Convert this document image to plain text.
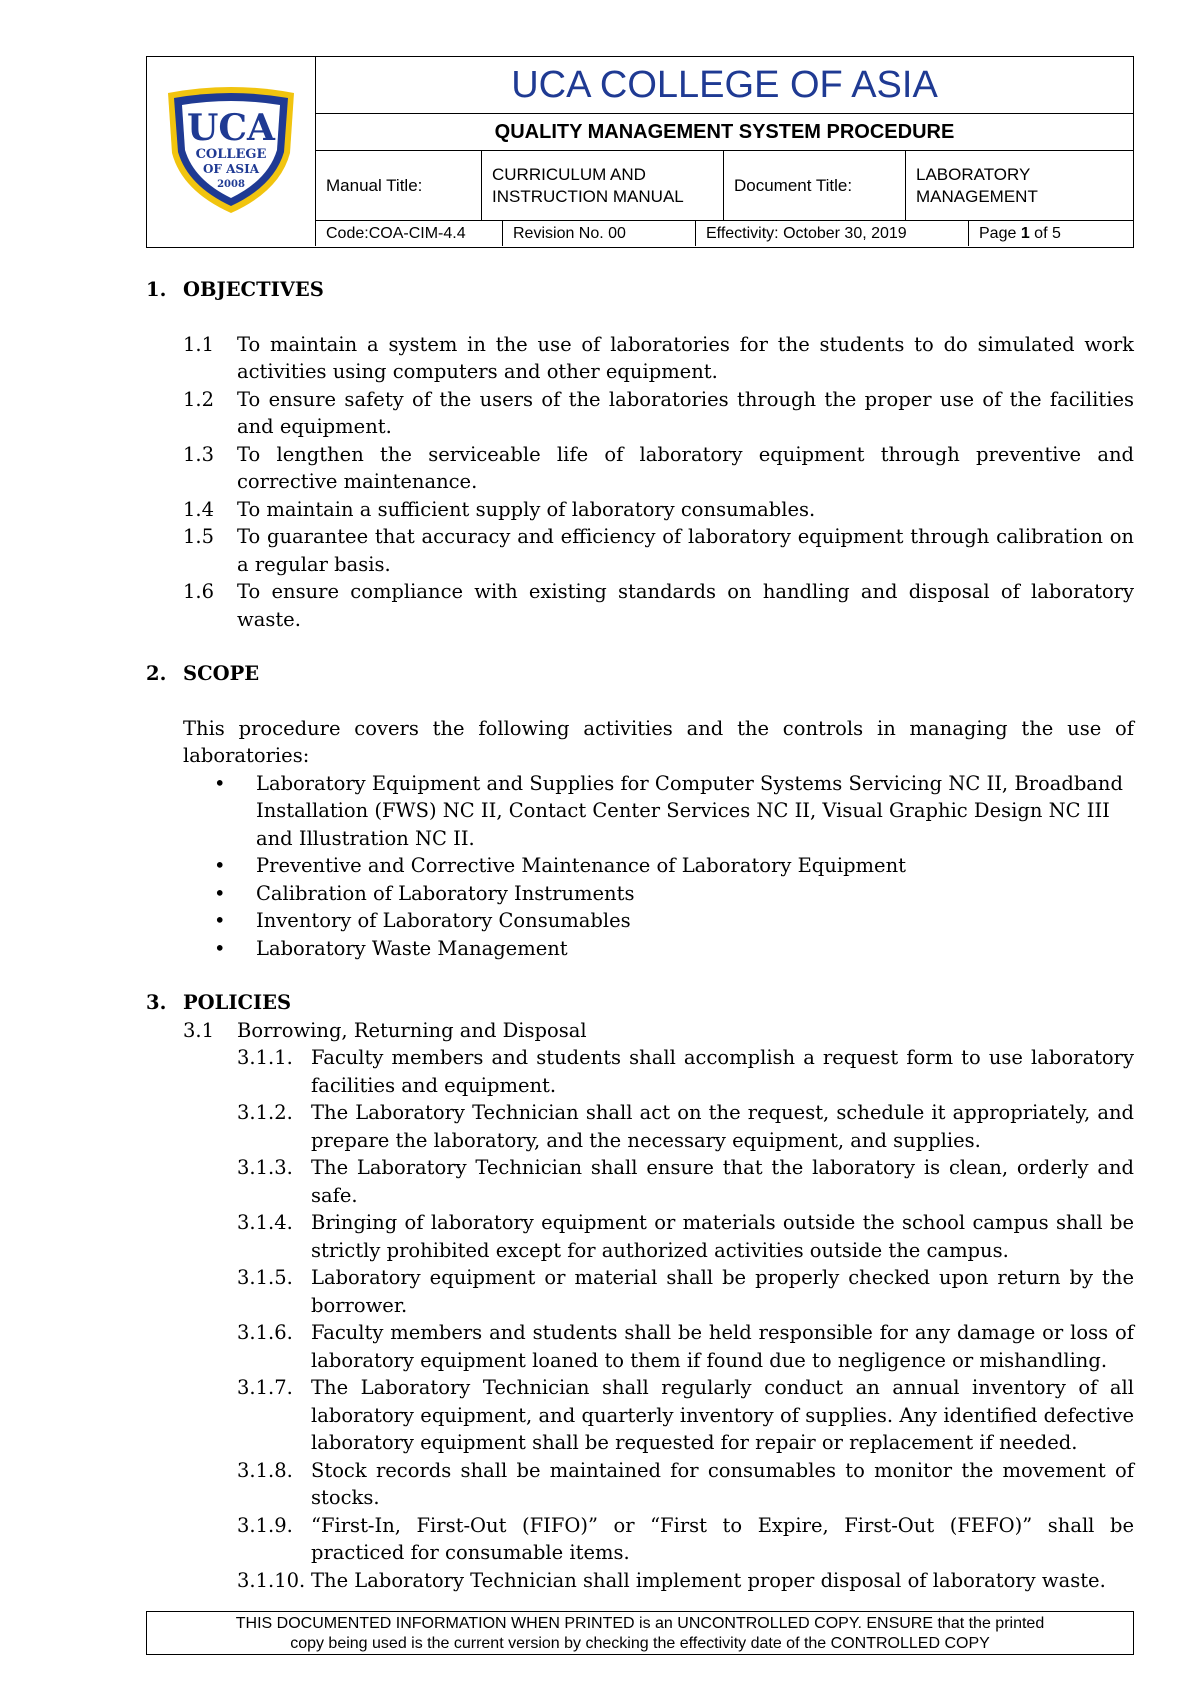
UCA
COLLEGE
OF ASIA
2008
UCA COLLEGE OF ASIA
QUALITY MANAGEMENT SYSTEM PROCEDURE
Manual Title:
CURRICULUM AND INSTRUCTION MANUAL
Document Title:
LABORATORY MANAGEMENT
Code:COA-CIM-4.4	Revision No. 00	Effectivity: October 30, 2019	Page 1 of 5
1. OBJECTIVES
1.1 To maintain a system in the use of laboratories for the students to do simulated work activities using computers and other equipment.
1.2 To ensure safety of the users of the laboratories through the proper use of the facilities and equipment.
1.3 To lengthen the serviceable life of laboratory equipment through preventive and corrective maintenance.
1.4 To maintain a sufficient supply of laboratory consumables.
1.5 To guarantee that accuracy and efficiency of laboratory equipment through calibration on a regular basis.
1.6 To ensure compliance with existing standards on handling and disposal of laboratory waste.
2. SCOPE
This procedure covers the following activities and the controls in managing the use of laboratories:
• Laboratory Equipment and Supplies for Computer Systems Servicing NC II, Broadband Installation (FWS) NC II, Contact Center Services NC II, Visual Graphic Design NC III and Illustration NC II.
• Preventive and Corrective Maintenance of Laboratory Equipment
• Calibration of Laboratory Instruments
• Inventory of Laboratory Consumables
• Laboratory Waste Management
3. POLICIES
3.1 Borrowing, Returning and Disposal
3.1.1. Faculty members and students shall accomplish a request form to use laboratory facilities and equipment.
3.1.2. The Laboratory Technician shall act on the request, schedule it appropriately, and prepare the laboratory, and the necessary equipment, and supplies.
3.1.3. The Laboratory Technician shall ensure that the laboratory is clean, orderly and safe.
3.1.4. Bringing of laboratory equipment or materials outside the school campus shall be strictly prohibited except for authorized activities outside the campus.
3.1.5. Laboratory equipment or material shall be properly checked upon return by the borrower.
3.1.6. Faculty members and students shall be held responsible for any damage or loss of laboratory equipment loaned to them if found due to negligence or mishandling.
3.1.7. The Laboratory Technician shall regularly conduct an annual inventory of all laboratory equipment, and quarterly inventory of supplies. Any identified defective laboratory equipment shall be requested for repair or replacement if needed.
3.1.8. Stock records shall be maintained for consumables to monitor the movement of stocks.
3.1.9. “First-In, First-Out (FIFO)” or “First to Expire, First-Out (FEFO)” shall be practiced for consumable items.
3.1.10. The Laboratory Technician shall implement proper disposal of laboratory waste.
THIS DOCUMENTED INFORMATION WHEN PRINTED is an UNCONTROLLED COPY. ENSURE that the printed
copy being used is the current version by checking the effectivity date of the CONTROLLED COPY
